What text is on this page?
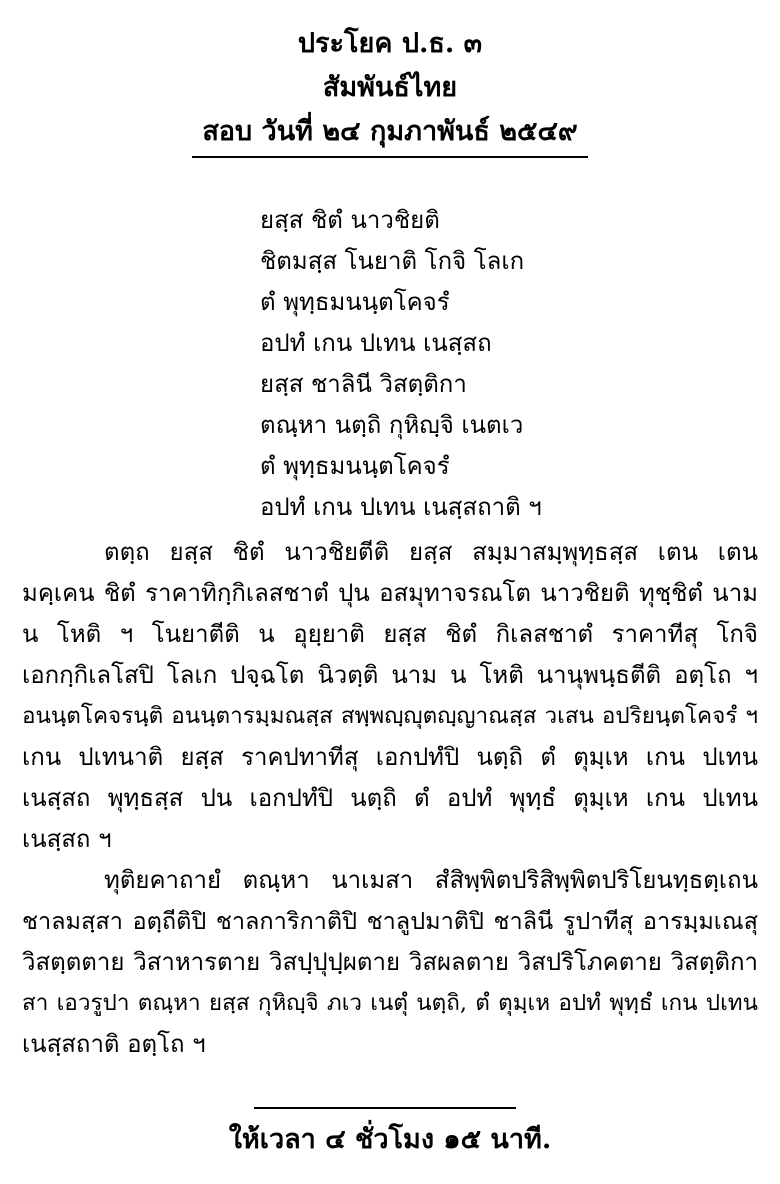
ประโยค ป.ธ. ๓
สัมพันธ์ไทย
สอบ วันที่ ๒๔ กุมภาพันธ์ ๒๕๔๙
ยสฺส ชิตํ นาวชิยติ
ชิตมสฺส โนยาติ โกจิ โลเก
ตํ พุทฺธมนนฺตโคจรํ
อปทํ เกน ปเทน เนสฺสถ
ยสฺส ชาลินี วิสตฺติกา
ตณฺหา นตฺถิ กุหิญฺจิ เนตเว
ตํ พุทฺธมนนฺตโคจรํ
อปทํ เกน ปเทน เนสฺสถาติ ฯ
ตตฺถ ยสฺส ชิตํ นาวชิยตีติ ยสฺส สมฺมาสมฺพุทฺธสฺส เตน เตน
มคฺเคน ชิตํ ราคาทิกฺกิเลสชาตํ ปุน อสมุทาจรณโต นาวชิยติ ทุชฺชิตํ นาม
น โหติ ฯ โนยาตีติ น อุยฺยาติ ยสฺส ชิตํ กิเลสชาตํ ราคาทีสุ โกจิ
เอกกฺกิเลโสปิ โลเก ปจฺฉโต นิวตฺติ นาม น โหติ นานุพนฺธตีติ อตฺโถ ฯ
อนนฺตโคจรนฺติ อนนฺตารมฺมณสฺส สพฺพญฺญุตญฺญาณสฺส วเสน อปริยนฺตโคจรํ ฯ
เกน ปเทนาติ ยสฺส ราคปทาทีสุ เอกปทํปิ นตฺถิ ตํ ตุมฺเห เกน ปเทน
เนสฺสถ พุทฺธสฺส ปน เอกปทํปิ นตฺถิ ตํ อปทํ พุทฺธํ ตุมฺเห เกน ปเทน
เนสฺสถ ฯ
ทุติยคาถายํ ตณฺหา นาเมสา สํสิพฺพิตปริสิพฺพิตปริโยนทฺธตฺเถน
ชาลมสฺสา อตฺถีติปิ ชาลการิกาติปิ ชาลูปมาติปิ ชาลินี รูปาทีสุ อารมฺมเณสุ
วิสตฺตตาย วิสาหารตาย วิสปฺปุปฺผตาย วิสผลตาย วิสปริโภคตาย วิสตฺติกา
สา เอวรูปา ตณฺหา ยสฺส กุหิญฺจิ ภเว เนตุํ นตฺถิ, ตํ ตุมฺเห อปทํ พุทฺธํ เกน ปเทน
เนสฺสถาติ อตฺโถ ฯ
ให้เวลา ๔ ชั่วโมง ๑๕ นาที.
